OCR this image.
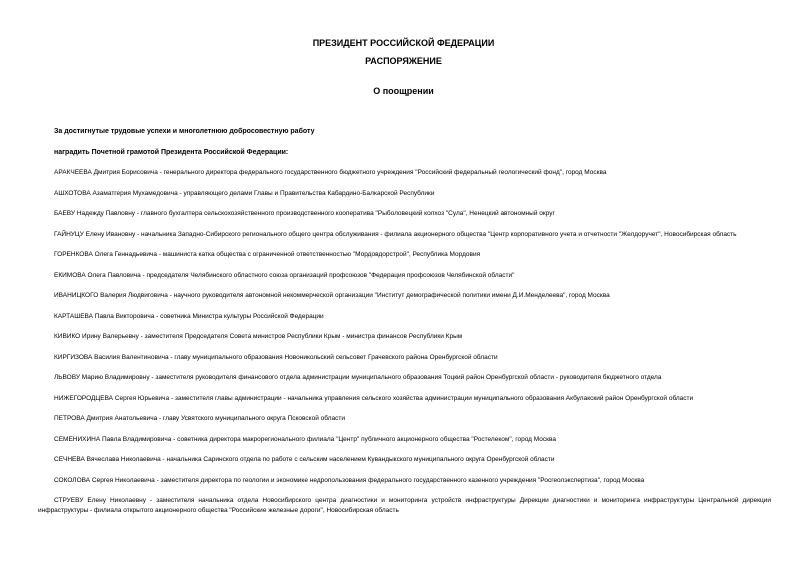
ПРЕЗИДЕНТ РОССИЙСКОЙ ФЕДЕРАЦИИ
РАСПОРЯЖЕНИЕ
О поощрении
За достигнутые трудовые успехи и многолетнюю добросовестную работу
наградить Почетной грамотой Президента Российской Федерации:
АРАКЧЕЕВА Дмитрия Борисовича - генерального директора федерального государственного бюджетного учреждения "Российский федеральный геологический фонд", город Москва
АШХОТОВА Азаматгерия Мухамедовича - управляющего делами Главы и Правительства Кабардино-Балкарской Республики
БАЕВУ Надежду Павловну - главного бухгалтера сельскохозяйственного производственного кооператива "Рыболовецкий колхоз "Сула", Ненецкий автономный округ
ГАЙНУЦУ Елену Ивановну - начальника Западно-Сибирского регионального общего центра обслуживания - филиала акционерного общества "Центр корпоративного учета и отчетности "Желдоручет", Новосибирская область
ГОРЕНКОВА Олега Геннадьевича - машиниста катка общества с ограниченной ответственностью "Мордовдорстрой", Республика Мордовия
ЕКИМОВА Олега Павловича - председателя Челябинского областного союза организаций профсоюзов "Федерация профсоюзов Челябинской области"
ИВАНИЦКОГО Валерия Людвиговича - научного руководителя автономной некоммерческой организации "Институт демографической политики имени Д.И.Менделеева", город Москва
КАРТАШЕВА Павла Викторовича - советника Министра культуры Российской Федерации
КИВИКО Ирину Валерьевну - заместителя Председателя Совета министров Республики Крым - министра финансов Республики Крым
КИРГИЗОВА Василия Валентиновича - главу муниципального образования Новоникольский сельсовет Грачевского района Оренбургской области
ЛЬВОВУ Марию Владимировну - заместителя руководителя финансового отдела администрации муниципального образования Тоцкий район Оренбургской области - руководителя бюджетного отдела
НИЖЕГОРОДЦЕВА Сергея Юрьевича - заместителя главы администрации - начальника управления сельского хозяйства администрации муниципального образования Акбулакский район Оренбургской области
ПЕТРОВА Дмитрия Анатольевича - главу Усвятского муниципального округа Псковской области
СЕМЕНИХИНА Павла Владимировича - советника директора макрорегионального филиала "Центр" публичного акционерного общества "Ростелеком", город Москва
СЕЧНЕВА Вячеслава Николаевича - начальника Саринского отдела по работе с сельским населением Кувандыкского муниципального округа Оренбургской области
СОКОЛОВА Сергея Николаевича - заместителя директора по геологии и экономике недропользования федерального государственного казенного учреждения "Росгеолэкспертиза", город Москва
СТРУЕВУ Елену Николаевну - заместителя начальника отдела Новосибирского центра диагностики и мониторинга устройств инфраструктуры Дирекции диагностики и мониторинга инфраструктуры Центральной дирекции инфраструктуры - филиала открытого акционерного общества "Российские железные дороги", Новосибирская область
